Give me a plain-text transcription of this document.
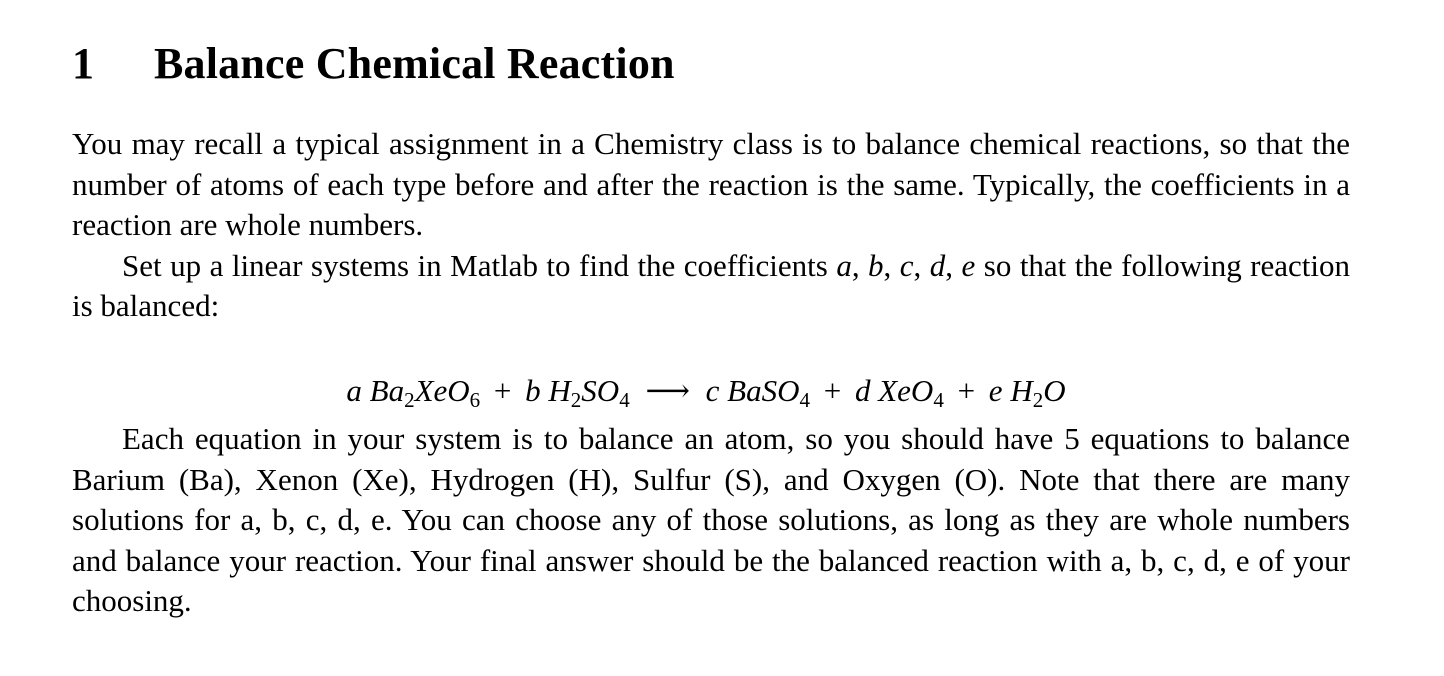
1 Balance Chemical Reaction

You may recall a typical assignment in a Chemistry class is to balance chemical reactions, so that the number of atoms of each type before and after the reaction is the same. Typically, the coefficients in a reaction are whole numbers.

Set up a linear systems in Matlab to find the coefficients a, b, c, d, e so that the following reaction is balanced:

a $Ba_2XeO_6 + b$ $H_2SO_4$ ⟶ c BaSO$_4$ + d XeO$_4$ + e $H_2O$

Each equation in your system is to balance an atom, so you should have 5 equations to balance Barium (Ba), Xenon (Xe), Hydrogen (H), Sulfur (S), and Oxygen (O). Note that there are many solutions for a, b, c, d, e. You can choose any of those solutions, as long as they are whole numbers and balance your reaction. Your final answer should be the balanced reaction with a, b, c, d, e of your choosing.
